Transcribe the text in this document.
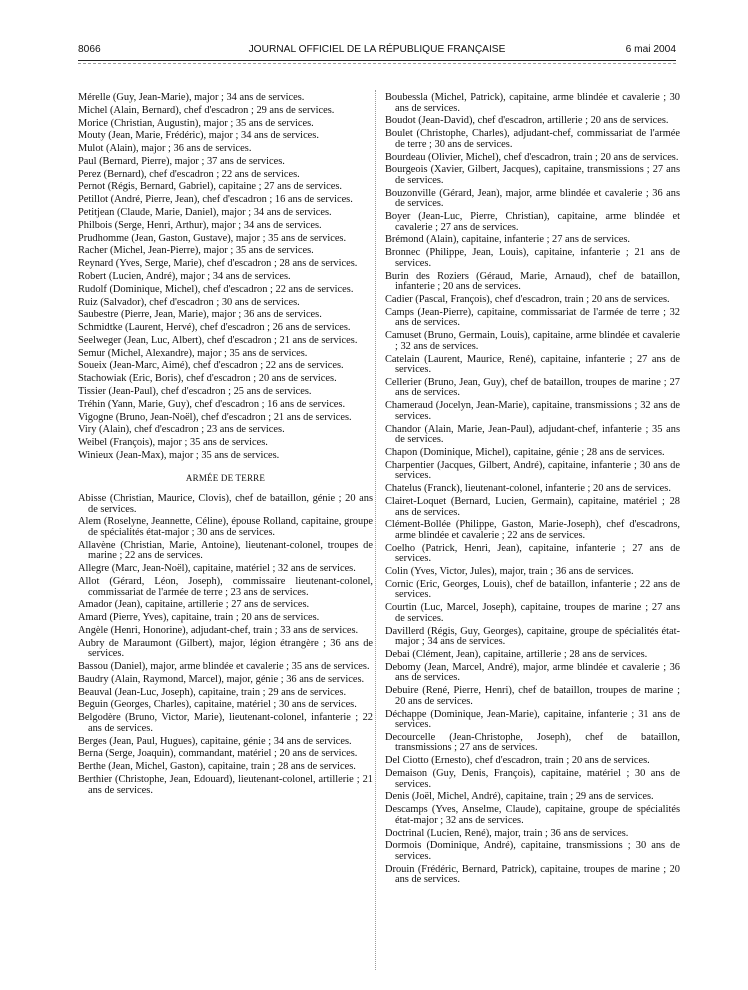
8066	JOURNAL OFFICIEL DE LA RÉPUBLIQUE FRANÇAISE	6 mai 2004

Mérelle (Guy, Jean-Marie), major ; 34 ans de services.

Michel (Alain, Bernard), chef d'escadron ; 29 ans de services.

Morice (Christian, Augustin), major ; 35 ans de services.

Mouty (Jean, Marie, Frédéric), major ; 34 ans de services.

Mulot (Alain), major ; 36 ans de services.

Paul (Bernard, Pierre), major ; 37 ans de services.

Perez (Bernard), chef d'escadron ; 22 ans de services.

Pernot (Régis, Bernard, Gabriel), capitaine ; 27 ans de services.

Petillot (André, Pierre, Jean), chef d'escadron ; 16 ans de services.

Petitjean (Claude, Marie, Daniel), major ; 34 ans de services.

Philbois (Serge, Henri, Arthur), major ; 34 ans de services.

Prudhomme (Jean, Gaston, Gustave), major ; 35 ans de services.

Racher (Michel, Jean-Pierre), major ; 35 ans de services.

Reynard (Yves, Serge, Marie), chef d'escadron ; 28 ans de services.

Robert (Lucien, André), major ; 34 ans de services.

Rudolf (Dominique, Michel), chef d'escadron ; 22 ans de services.

Ruiz (Salvador), chef d'escadron ; 30 ans de services.

Saubestre (Pierre, Jean, Marie), major ; 36 ans de services.

Schmidtke (Laurent, Hervé), chef d'escadron ; 26 ans de services.

Seelweger (Jean, Luc, Albert), chef d'escadron ; 21 ans de services.

Semur (Michel, Alexandre), major ; 35 ans de services.

Soueix (Jean-Marc, Aimé), chef d'escadron ; 22 ans de services.

Stachowiak (Eric, Boris), chef d'escadron ; 20 ans de services.

Tissier (Jean-Paul), chef d'escadron ; 25 ans de services.

Tréhin (Yann, Marie, Guy), chef d'escadron ; 16 ans de services.

Vigogne (Bruno, Jean-Noël), chef d'escadron ; 21 ans de services.

Viry (Alain), chef d'escadron ; 23 ans de services.

Weibel (François), major ; 35 ans de services.

Winieux (Jean-Max), major ; 35 ans de services.

ARMÉE DE TERRE

Abisse (Christian, Maurice, Clovis), chef de bataillon, génie ; 20 ans de services.

Alem (Roselyne, Jeannette, Céline), épouse Rolland, capitaine, groupe de spécialités état-major ; 30 ans de services.

Allavène (Christian, Marie, Antoine), lieutenant-colonel, troupes de marine ; 22 ans de services.

Allegre (Marc, Jean-Noël), capitaine, matériel ; 32 ans de services.

Allot (Gérard, Léon, Joseph), commissaire lieutenant-colonel, commissariat de l'armée de terre ; 23 ans de services.

Amador (Jean), capitaine, artillerie ; 27 ans de services.

Amard (Pierre, Yves), capitaine, train ; 20 ans de services.

Angèle (Henri, Honorine), adjudant-chef, train ; 33 ans de services.

Aubry de Maraumont (Gilbert), major, légion étrangère ; 36 ans de services.

Bassou (Daniel), major, arme blindée et cavalerie ; 35 ans de services.

Baudry (Alain, Raymond, Marcel), major, génie ; 36 ans de services.

Beauval (Jean-Luc, Joseph), capitaine, train ; 29 ans de services.

Beguin (Georges, Charles), capitaine, matériel ; 30 ans de services.

Belgodère (Bruno, Victor, Marie), lieutenant-colonel, infanterie ; 22 ans de services.

Berges (Jean, Paul, Hugues), capitaine, génie ; 34 ans de services.

Berna (Serge, Joaquin), commandant, matériel ; 20 ans de services.

Berthe (Jean, Michel, Gaston), capitaine, train ; 28 ans de services.

Berthier (Christophe, Jean, Edouard), lieutenant-colonel, artillerie ; 21 ans de services.

Boubessla (Michel, Patrick), capitaine, arme blindée et cavalerie ; 30 ans de services.

Boudot (Jean-David), chef d'escadron, artillerie ; 20 ans de services.

Boulet (Christophe, Charles), adjudant-chef, commissariat de l'armée de terre ; 30 ans de services.

Bourdeau (Olivier, Michel), chef d'escadron, train ; 20 ans de services.

Bourgeois (Xavier, Gilbert, Jacques), capitaine, transmissions ; 27 ans de services.

Bouzonville (Gérard, Jean), major, arme blindée et cavalerie ; 36 ans de services.

Boyer (Jean-Luc, Pierre, Christian), capitaine, arme blindée et cavalerie ; 27 ans de services.

Brémond (Alain), capitaine, infanterie ; 27 ans de services.

Bronnec (Philippe, Jean, Louis), capitaine, infanterie ; 21 ans de services.

Burin des Roziers (Géraud, Marie, Arnaud), chef de bataillon, infanterie ; 20 ans de services.

Cadier (Pascal, François), chef d'escadron, train ; 20 ans de services.

Camps (Jean-Pierre), capitaine, commissariat de l'armée de terre ; 32 ans de services.

Camuset (Bruno, Germain, Louis), capitaine, arme blindée et cavalerie ; 32 ans de services.

Catelain (Laurent, Maurice, René), capitaine, infanterie ; 27 ans de services.

Cellerier (Bruno, Jean, Guy), chef de bataillon, troupes de marine ; 27 ans de services.

Chameraud (Jocelyn, Jean-Marie), capitaine, transmissions ; 32 ans de services.

Chandor (Alain, Marie, Jean-Paul), adjudant-chef, infanterie ; 35 ans de services.

Chapon (Dominique, Michel), capitaine, génie ; 28 ans de services.

Charpentier (Jacques, Gilbert, André), capitaine, infanterie ; 30 ans de services.

Chatelus (Franck), lieutenant-colonel, infanterie ; 20 ans de services.

Clairet-Loquet (Bernard, Lucien, Germain), capitaine, matériel ; 28 ans de services.

Clément-Bollée (Philippe, Gaston, Marie-Joseph), chef d'escadrons, arme blindée et cavalerie ; 22 ans de services.

Coelho (Patrick, Henri, Jean), capitaine, infanterie ; 27 ans de services.

Colin (Yves, Victor, Jules), major, train ; 36 ans de services.

Cornic (Eric, Georges, Louis), chef de bataillon, infanterie ; 22 ans de services.

Courtin (Luc, Marcel, Joseph), capitaine, troupes de marine ; 27 ans de services.

Davillerd (Régis, Guy, Georges), capitaine, groupe de spécialités état-major ; 34 ans de services.

Debai (Clément, Jean), capitaine, artillerie ; 28 ans de services.

Debomy (Jean, Marcel, André), major, arme blindée et cavalerie ; 36 ans de services.

Debuire (René, Pierre, Henri), chef de bataillon, troupes de marine ; 20 ans de services.

Déchappe (Dominique, Jean-Marie), capitaine, infanterie ; 31 ans de services.

Decourcelle (Jean-Christophe, Joseph), chef de bataillon, transmissions ; 27 ans de services.

Del Ciotto (Ernesto), chef d'escadron, train ; 20 ans de services.

Demaison (Guy, Denis, François), capitaine, matériel ; 30 ans de services.

Denis (Joël, Michel, André), capitaine, train ; 29 ans de services.

Descamps (Yves, Anselme, Claude), capitaine, groupe de spécialités état-major ; 32 ans de services.

Doctrinal (Lucien, René), major, train ; 36 ans de services.

Dormois (Dominique, André), capitaine, transmissions ; 30 ans de services.

Drouin (Frédéric, Bernard, Patrick), capitaine, troupes de marine ; 20 ans de services.
